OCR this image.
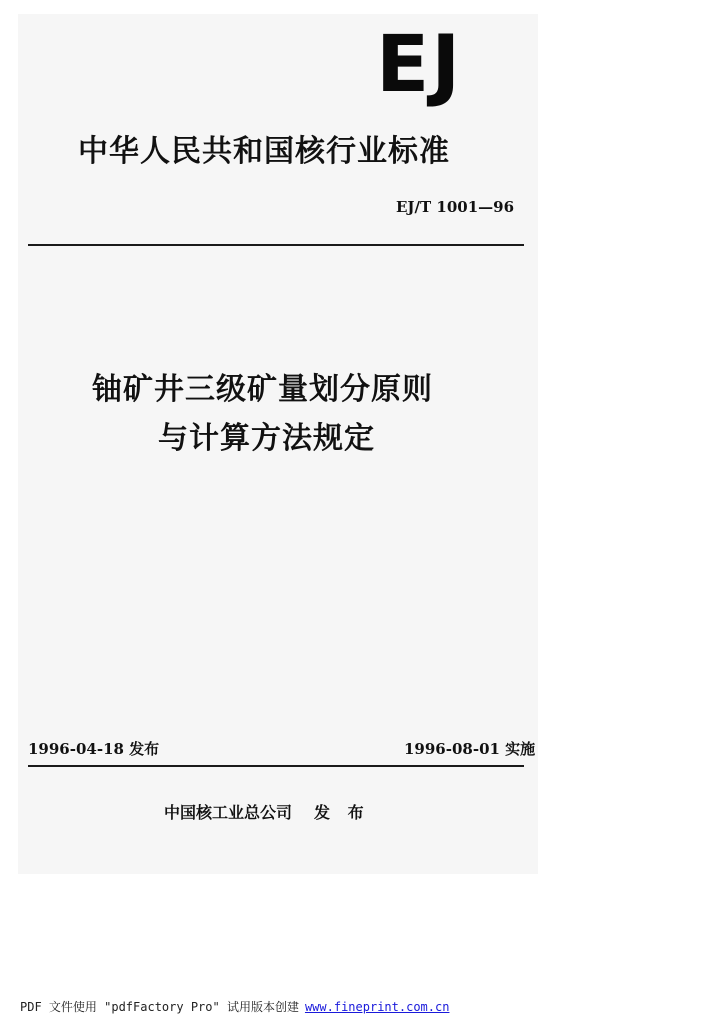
EJ
中华人民共和国核行业标准
EJ/T 1001—96
铀矿井三级矿量划分原则
与计算方法规定
1996-04-18 发布	1996-08-01 实施
中国核工业总公司 发 布
PDF 文件使用 "pdfFactory Pro" 试用版本创建 www.fineprint.com.cn
